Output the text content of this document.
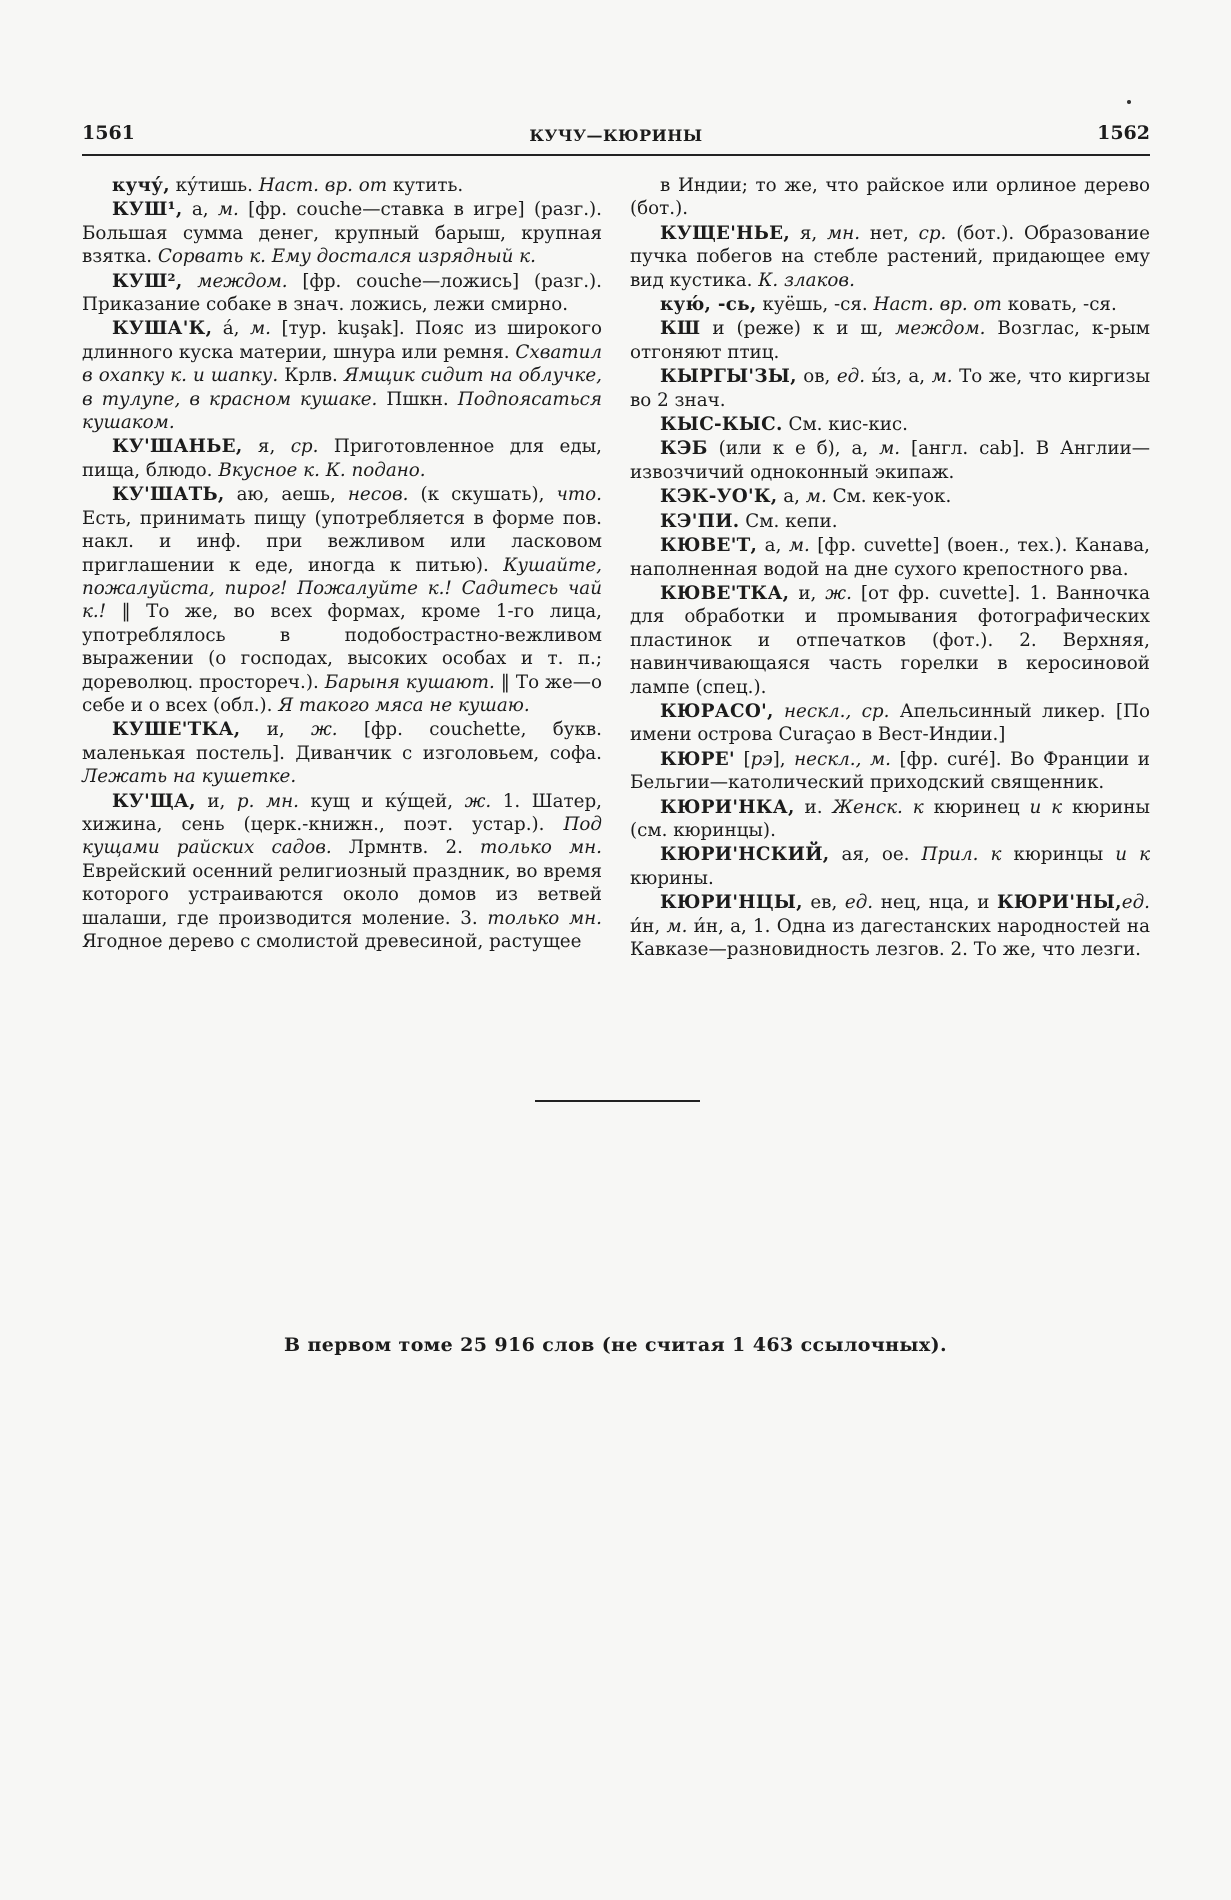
1561	КУЧУ—КЮРИНЫ	1562

кучу́, ку́тишь. Наст. вр. от кутить.

КУШ¹, а, м. [фр. couche—ставка в игре] (разг.). Большая сумма денег, крупный барыш, крупная взятка. Сорвать к. Ему достался изрядный к.

КУШ², междом. [фр. couche—ложись] (разг.). Приказание собаке в знач. ложись, лежи смирно.

КУША'К, а́, м. [тур. kuşak]. Пояс из широкого длинного куска материи, шнура или ремня. Схватил в охапку к. и шапку. Крлв. Ямщик сидит на облучке, в тулупе, в красном кушаке. Пшкн. Подпоясаться кушаком.

КУ'ШАНЬЕ, я, ср. Приготовленное для еды, пища, блюдо. Вкусное к. К. подано.

КУ'ШАТЬ, аю, аешь, несов. (к скушать), что. Есть, принимать пищу (употребляется в форме пов. накл. и инф. при вежливом или ласковом приглашении к еде, иногда к питью). Кушайте, пожалуйста, пирог! Пожалуйте к.! Садитесь чай к.! ‖ То же, во всех формах, кроме 1-го лица, употреблялось в подобострастно-вежливом выражении (о господах, высоких особах и т. п.; дореволюц. простореч.). Барыня кушают. ‖ То же—о себе и о всех (обл.). Я такого мяса не кушаю.

КУШЕ'ТКА, и, ж. [фр. couchette, букв. маленькая постель]. Диванчик с изголовьем, софа. Лежать на кушетке.

КУ'ЩА, и, р. мн. кущ и ку́щей, ж. 1. Шатер, хижина, сень (церк.-книжн., поэт. устар.). Под кущами райских садов. Лрмнтв. 2. только мн. Еврейский осенний религиозный праздник, во время которого устраиваются около домов из ветвей шалаши, где производится моление. 3. только мн. Ягодное дерево с смолистой древесиной, растущее

в Индии; то же, что райское или орлиное дерево (бот.).

КУЩЕ'НЬЕ, я, мн. нет, ср. (бот.). Образование пучка побегов на стебле растений, придающее ему вид кустика. К. злаков.

кую́, -сь, куёшь, -ся. Наст. вр. от ковать, -ся.

КШ и (реже) к и ш, междом. Возглас, к-рым отгоняют птиц.

КЫРГЫ'ЗЫ, ов, ед. ы́з, а, м. То же, что киргизы во 2 знач.

КЫС-КЫС. См. кис-кис.

КЭБ (или к е б), а, м. [англ. cab]. В Англии—извозчичий одноконный экипаж.

КЭК-УО'К, а, м. См. кек-уок.

КЭ'ПИ. См. кепи.

КЮВЕ'Т, а, м. [фр. cuvette] (воен., тех.). Канава, наполненная водой на дне сухого крепостного рва.

КЮВЕ'ТКА, и, ж. [от фр. cuvette]. 1. Ванночка для обработки и промывания фотографических пластинок и отпечатков (фот.). 2. Верхняя, навинчивающаяся часть горелки в керосиновой лампе (спец.).

КЮРАСО', нескл., ср. Апельсинный ликер. [По имени острова Curaçao в Вест-Индии.]

КЮРЕ' [рэ], нескл., м. [фр. curé]. Во Франции и Бельгии—католический приходский священник.

КЮРИ'НКА, и. Женск. к кюринец и к кюрины (см. кюринцы).

КЮРИ'НСКИЙ, ая, ое. Прил. к кюринцы и к кюрины.

КЮРИ'НЦЫ, ев, ед. нец, нца, и КЮРИ'НЫ,ед. и́н, м. и́н, а, 1. Одна из дагестанских народностей на Кавказе—разновидность лезгов. 2. То же, что лезги.

В первом томе 25 916 слов (не считая 1 463 ссылочных).
